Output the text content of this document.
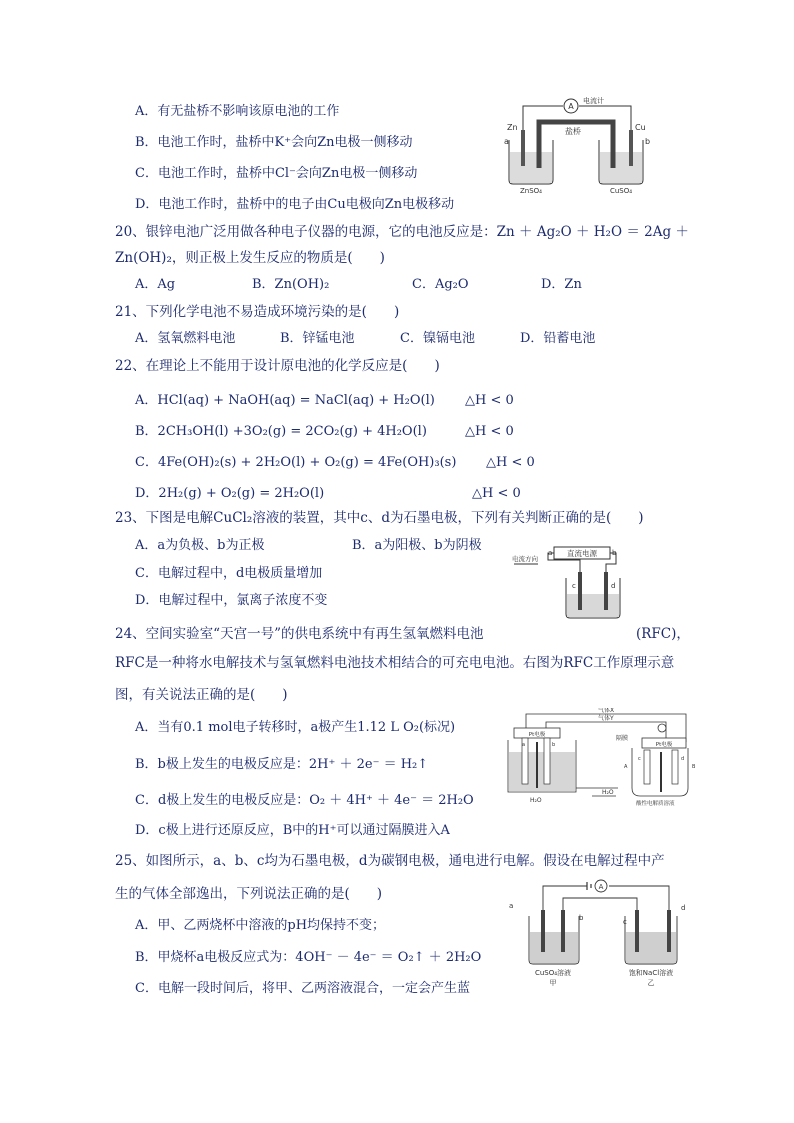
A．有无盐桥不影响该原电池的工作
B．电池工作时，盐桥中K⁺会向Zn电极一侧移动
C．电池工作时，盐桥中Cl⁻会向Zn电极一侧移动
D．电池工作时，盐桥中的电子由Cu电极向Zn电极移动
A
电流计
盐桥
Zn	Cu
a	b
ZnSO₄	CuSO₄
20、银锌电池广泛用做各种电子仪器的电源，它的电池反应是：Zn ＋ Ag₂O ＋ H₂O ＝ 2Ag ＋
Zn(OH)₂，则正极上发生反应的物质是(　　)
A．Ag	B．Zn(OH)₂	C．Ag₂O	D．Zn
21、下列化学电池不易造成环境污染的是(　　)
A．氢氧燃料电池	B．锌锰电池	C．镍镉电池	D．铅蓄电池
22、在理论上不能用于设计原电池的化学反应是(　　)
A．HCl(aq) + NaOH(aq) = NaCl(aq) + H₂O(l) △H < 0
B．2CH₃OH(l) +3O₂(g) = 2CO₂(g) + 4H₂O(l)	△H < 0
C．4Fe(OH)₂(s) + 2H₂O(l) + O₂(g) = 4Fe(OH)₃(s) △H < 0
D．2H₂(g) + O₂(g) = 2H₂O(l)	△H < 0
23、下图是电解CuCl₂溶液的装置，其中c、d为石墨电极，下列有关判断正确的是(　　)
A．a为负极、b为正极	B．a为阳极、b为阴极
C．电解过程中，d电极质量增加
D．电解过程中，氯离子浓度不变
直流电源
a	b
电流方向
c	d
24、空间实验室“天宫一号”的供电系统中有再生氢氧燃料电池	(RFC)，
RFC是一种将水电解技术与氢氧燃料电池技术相结合的可充电电池。右图为RFC工作原理示意
图，有关说法正确的是(　　)
A．当有0.1 mol电子转移时，a极产生1.12 L O₂(标况)
B．b极上发生的电极反应是：2H⁺ ＋ 2e⁻ ＝ H₂↑
C．d极上发生的电极反应是：O₂ ＋ 4H⁺ ＋ 4e⁻ ＝ 2H₂O
D．c极上进行还原反应，B中的H⁺可以通过隔膜进入A
气体X
气体Y
Pt电极
a	b
H₂O
隔膜
H₂O
Pt电极
c	d
A	B
酸性电解质溶液
25、如图所示，a、b、c均为石墨电极，d为碳钢电极，通电进行电解。假设在电解过程中产
生的气体全部逸出，下列说法正确的是(　　)
A．甲、乙两烧杯中溶液的pH均保持不变；
B．甲烧杯a电极反应式为：4OH⁻ － 4e⁻ ＝ O₂↑ ＋ 2H₂O
C．电解一段时间后，将甲、乙两溶液混合，一定会产生蓝
A
a
b
CuSO₄溶液
甲
c
d
饱和NaCl溶液
乙
